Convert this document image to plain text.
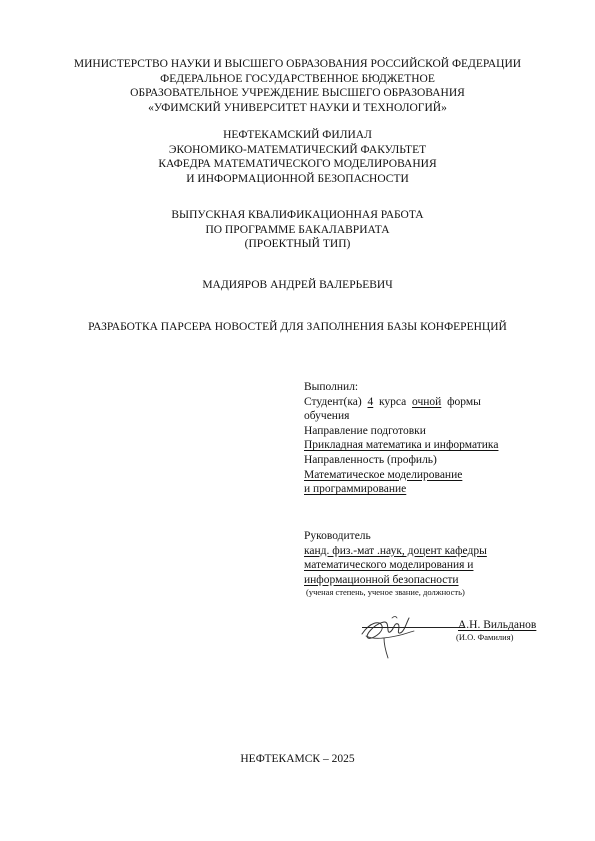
МИНИСТЕРСТВО НАУКИ И ВЫСШЕГО ОБРАЗОВАНИЯ РОССИЙСКОЙ ФЕДЕРАЦИИ
ФЕДЕРАЛЬНОЕ ГОСУДАРСТВЕННОЕ БЮДЖЕТНОЕ
ОБРАЗОВАТЕЛЬНОЕ УЧРЕЖДЕНИЕ ВЫСШЕГО ОБРАЗОВАНИЯ
«УФИМСКИЙ УНИВЕРСИТЕТ НАУКИ И ТЕХНОЛОГИЙ»
НЕФТЕКАМСКИЙ ФИЛИАЛ
ЭКОНОМИКО-МАТЕМАТИЧЕСКИЙ ФАКУЛЬТЕТ
КАФЕДРА МАТЕМАТИЧЕСКОГО МОДЕЛИРОВАНИЯ
И ИНФОРМАЦИОННОЙ БЕЗОПАСНОСТИ
ВЫПУСКНАЯ КВАЛИФИКАЦИОННАЯ РАБОТА
ПО ПРОГРАММЕ БАКАЛАВРИАТА
(ПРОЕКТНЫЙ ТИП)
МАДИЯРОВ АНДРЕЙ ВАЛЕРЬЕВИЧ
РАЗРАБОТКА ПАРСЕРА НОВОСТЕЙ ДЛЯ ЗАПОЛНЕНИЯ БАЗЫ КОНФЕРЕНЦИЙ
Выполнил:
Студент(ка) 4 курса очной формы
обучения
Направление подготовки
Прикладная математика и информатика
Направленность (профиль)
Математическое моделирование
и программирование
Руководитель
канд. физ.-мат .наук, доцент кафедры
математического моделирования и
информационной безопасности
(ученая степень, ученое звание, должность)
А.Н. Вильданов
(И.О. Фамилия)
НЕФТЕКАМСК – 2025
